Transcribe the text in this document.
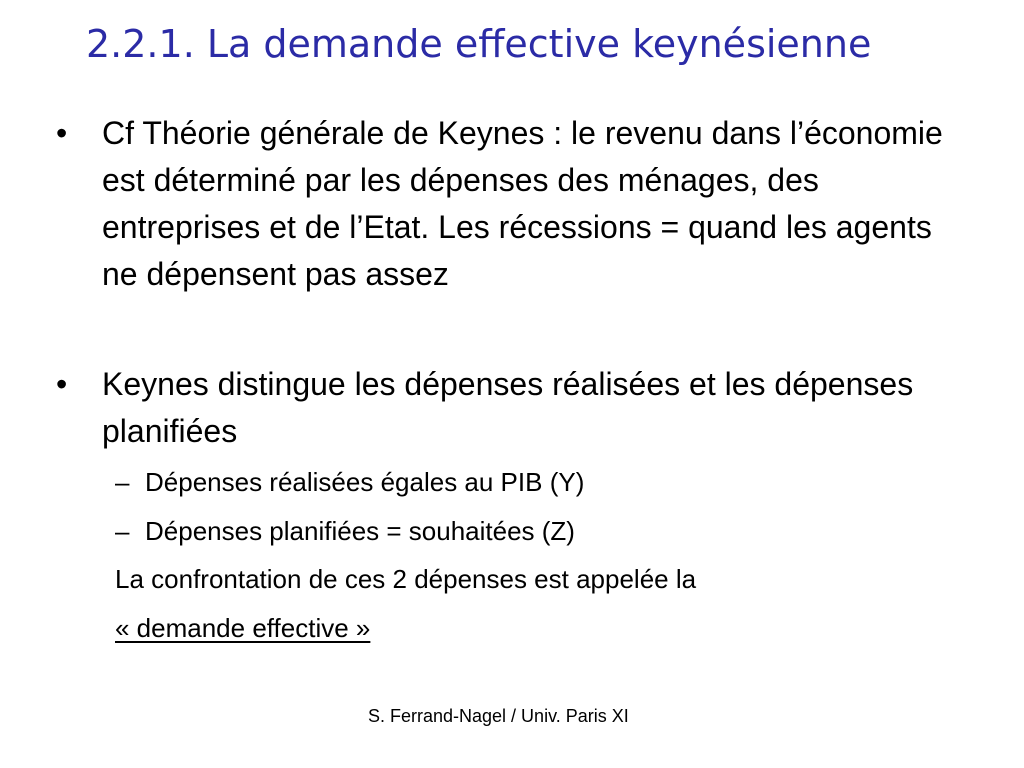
2.2.1. La demande effective keynésienne
• Cf Théorie générale de Keynes : le revenu dans l’économie est déterminé par les dépenses des ménages, des entreprises et de l’Etat. Les récessions = quand les agents ne dépensent pas assez
• Keynes distingue les dépenses réalisées et les dépenses planifiées
– Dépenses réalisées égales au PIB (Y)
– Dépenses planifiées = souhaitées (Z)
La confrontation de ces 2 dépenses est appelée la
« demande effective »
S. Ferrand-Nagel / Univ. Paris XI
